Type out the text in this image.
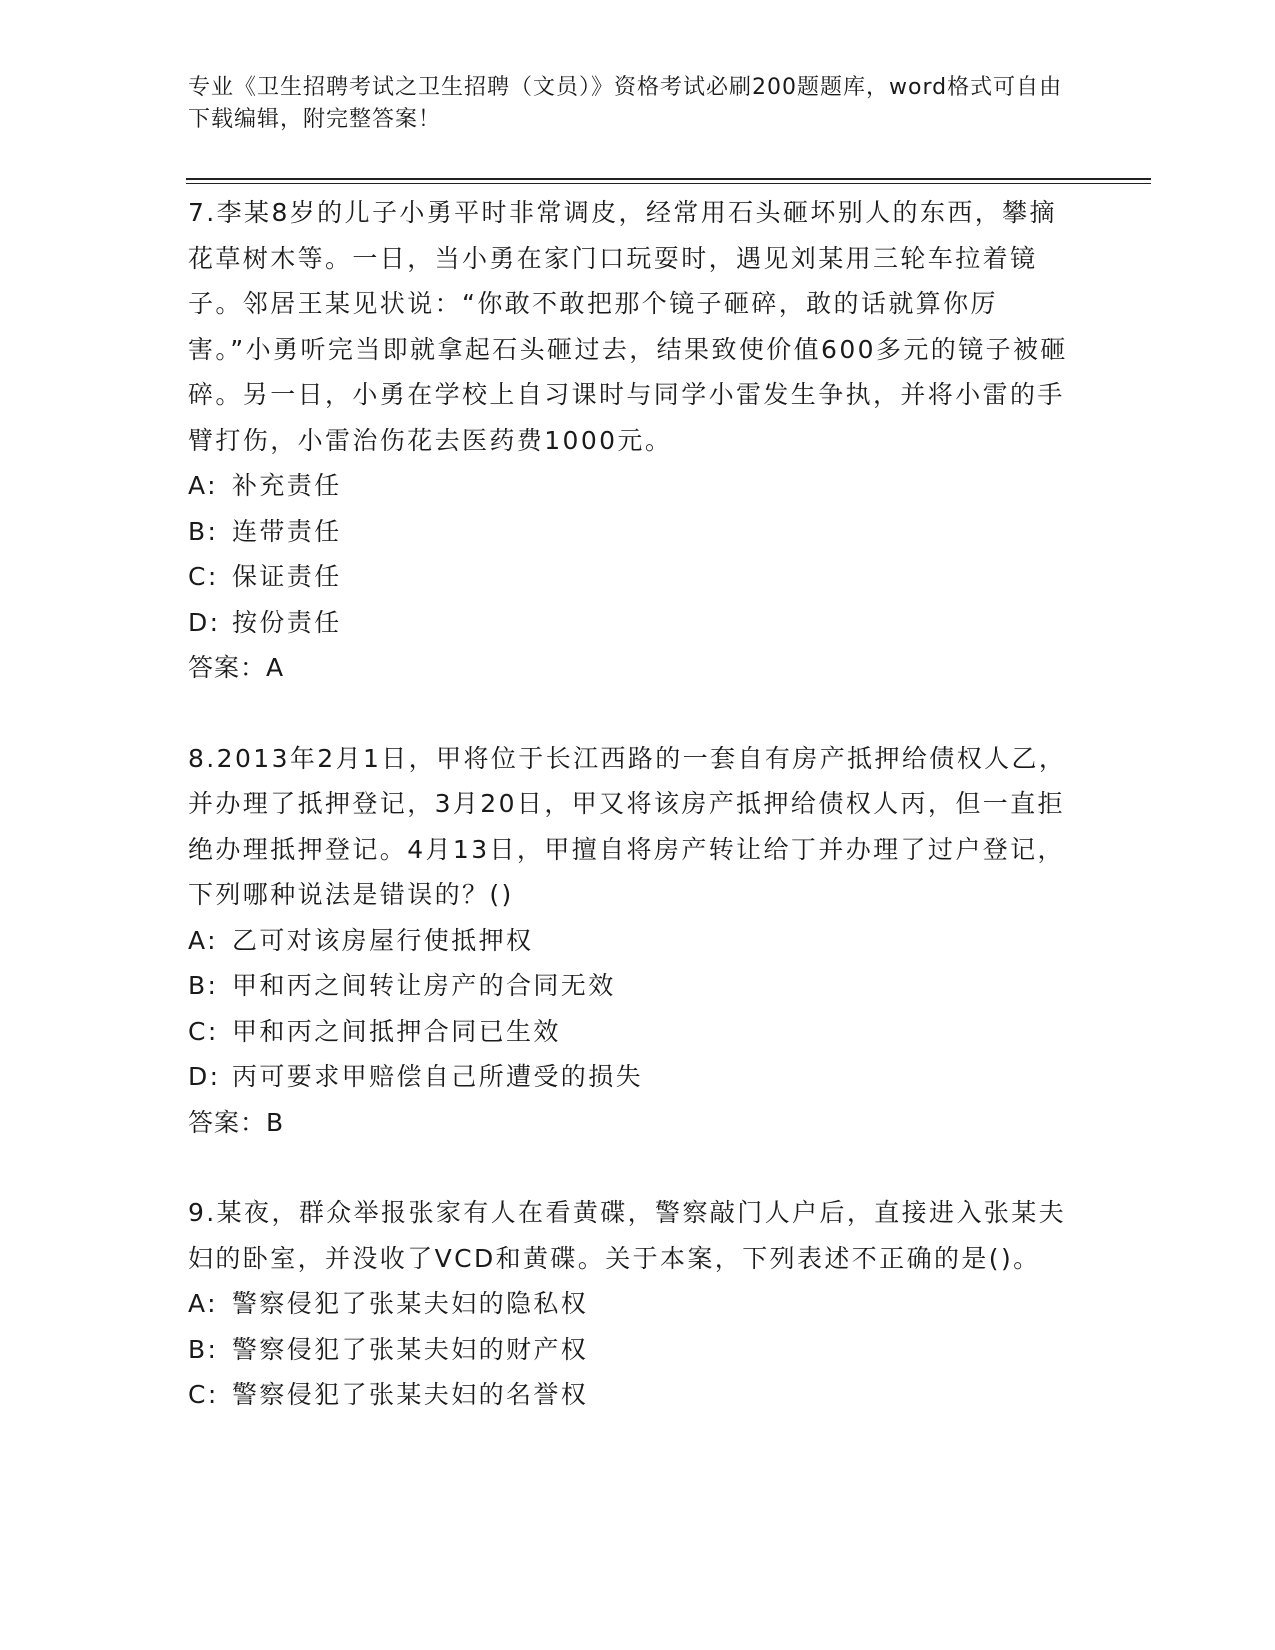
专业《卫生招聘考试之卫生招聘（文员）》资格考试必刷200题题库，word格式可自由下载编辑，附完整答案！
7.李某8岁的儿子小勇平时非常调皮，经常用石头砸坏别人的东西，攀摘花草树木等。一日，当小勇在家门口玩耍时，遇见刘某用三轮车拉着镜子。邻居王某见状说：“你敢不敢把那个镜子砸碎，敢的话就算你厉害。”小勇听完当即就拿起石头砸过去，结果致使价值600多元的镜子被砸碎。另一日，小勇在学校上自习课时与同学小雷发生争执，并将小雷的手臂打伤，小雷治伤花去医药费1000元。
A: 补充责任
B: 连带责任
C: 保证责任
D: 按份责任
答案：A
8.2013年2月1日，甲将位于长江西路的一套自有房产抵押给债权人乙，并办理了抵押登记，3月20日，甲又将该房产抵押给债权人丙，但一直拒绝办理抵押登记。4月13日，甲擅自将房产转让给丁并办理了过户登记，下列哪种说法是错误的？()
A: 乙可对该房屋行使抵押权
B: 甲和丙之间转让房产的合同无效
C: 甲和丙之间抵押合同已生效
D: 丙可要求甲赔偿自己所遭受的损失
答案：B
9.某夜，群众举报张家有人在看黄碟，警察敲门人户后，直接进入张某夫妇的卧室，并没收了VCD和黄碟。关于本案，下列表述不正确的是()。
A: 警察侵犯了张某夫妇的隐私权
B: 警察侵犯了张某夫妇的财产权
C: 警察侵犯了张某夫妇的名誉权
